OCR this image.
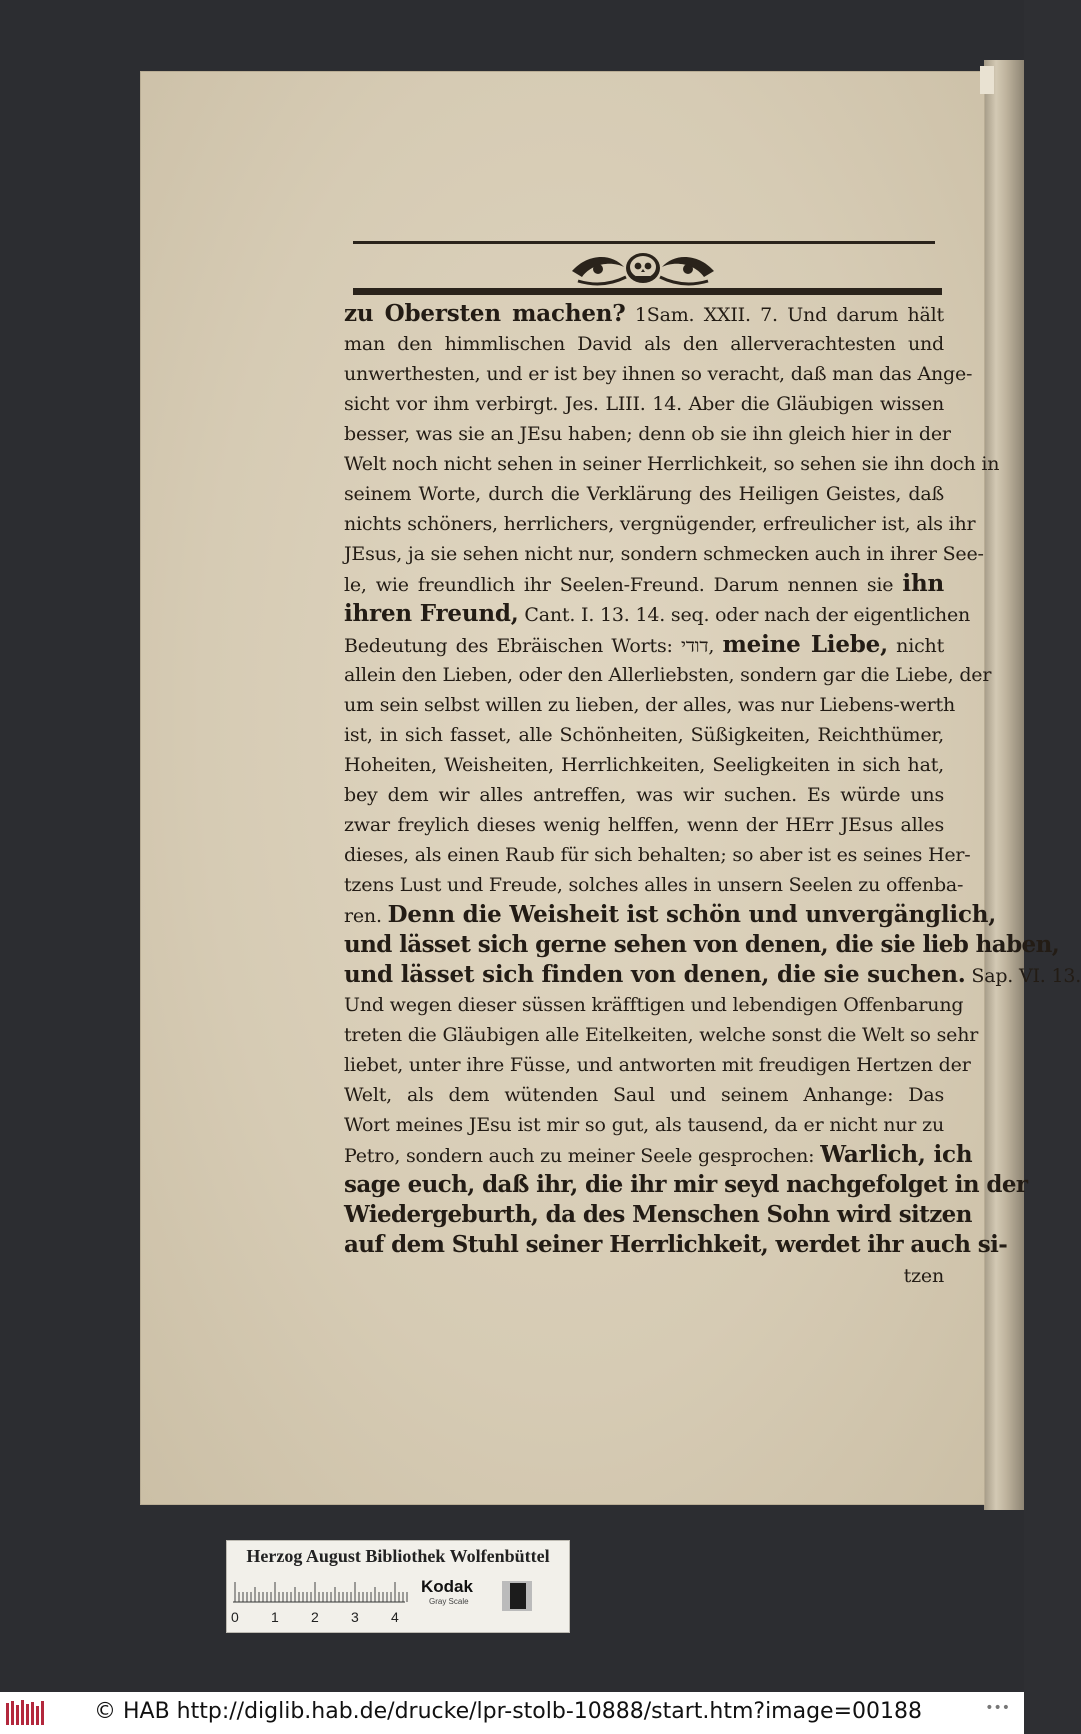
zu Obersten machen? 1Sam. XXII. 7. Und darum hält
man den himmlischen David als den allerverachtesten und
unwerthesten, und er ist bey ihnen so veracht, daß man das Ange-
sicht vor ihm verbirgt. Jes. LIII. 14. Aber die Gläubigen wissen
besser, was sie an JEsu haben; denn ob sie ihn gleich hier in der
Welt noch nicht sehen in seiner Herrlichkeit, so sehen sie ihn doch in
seinem Worte, durch die Verklärung des Heiligen Geistes, daß
nichts schöners, herrlichers, vergnügender, erfreulicher ist, als ihr
JEsus, ja sie sehen nicht nur, sondern schmecken auch in ihrer See-
le, wie freundlich ihr Seelen-Freund. Darum nennen sie ihn
ihren Freund, Cant. I. 13. 14. seq. oder nach der eigentlichen
Bedeutung des Ebräischen Worts: דודי, meine Liebe, nicht
allein den Lieben, oder den Allerliebsten, sondern gar die Liebe, der
um sein selbst willen zu lieben, der alles, was nur Liebens-werth
ist, in sich fasset, alle Schönheiten, Süßigkeiten, Reichthümer,
Hoheiten, Weisheiten, Herrlichkeiten, Seeligkeiten in sich hat,
bey dem wir alles antreffen, was wir suchen. Es würde uns
zwar freylich dieses wenig helffen, wenn der HErr JEsus alles
dieses, als einen Raub für sich behalten; so aber ist es seines Her-
tzens Lust und Freude, solches alles in unsern Seelen zu offenba-
ren. Denn die Weisheit ist schön und unvergänglich,
und lässet sich gerne sehen von denen, die sie lieb haben,
und lässet sich finden von denen, die sie suchen. Sap. VI. 13.
Und wegen dieser süssen kräfftigen und lebendigen Offenbarung
treten die Gläubigen alle Eitelkeiten, welche sonst die Welt so sehr
liebet, unter ihre Füsse, und antworten mit freudigen Hertzen der
Welt, als dem wütenden Saul und seinem Anhange: Das
Wort meines JEsu ist mir so gut, als tausend, da er nicht nur zu
Petro, sondern auch zu meiner Seele gesprochen: Warlich, ich
sage euch, daß ihr, die ihr mir seyd nachgefolget in der
Wiedergeburth, da des Menschen Sohn wird sitzen
auf dem Stuhl seiner Herrlichkeit, werdet ihr auch si-
tzen
Herzog August Bibliothek Wolfenbüttel
0 1 2 3 4
Kodak
Gray Scale
© HAB http://diglib.hab.de/drucke/lpr-stolb-10888/start.htm?image=00188	•••
